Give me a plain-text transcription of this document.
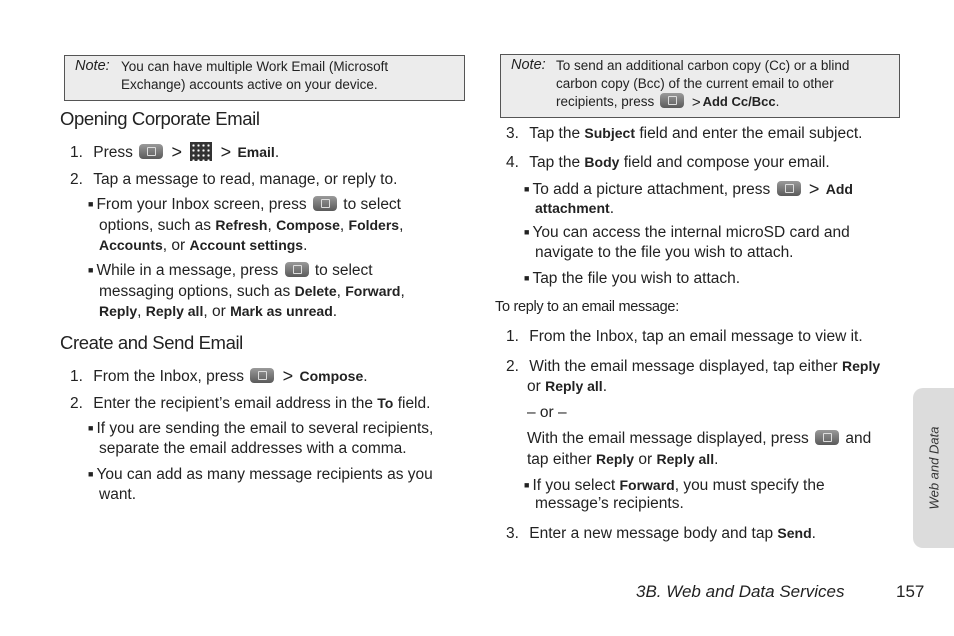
Note: You can have multiple Work Email (Microsoft
Exchange) accounts active on your device.
Opening Corporate Email
1. Press > > Email.
2. Tap a message to read, manage, or reply to.
■ From your Inbox screen, press to select
options, such as Refresh, Compose, Folders,
Accounts, or Account settings.
■ While in a message, press to select
messaging options, such as Delete, Forward,
Reply, Reply all, or Mark as unread.
Create and Send Email
1. From the Inbox, press > Compose.
2. Enter the recipient’s email address in the To field.
■ If you are sending the email to several recipients,
separate the email addresses with a comma.
■ You can add as many message recipients as you
want.
Note: To send an additional carbon copy (Cc) or a blind
carbon copy (Bcc) of the current email to other
recipients, press	> Add Cc/Bcc.
3. Tap the Subject field and enter the email subject.
4. Tap the Body field and compose your email.
■ To add a picture attachment, press > Add
attachment.
■ You can access the internal microSD card and
navigate to the file you wish to attach.
■ Tap the file you wish to attach.
To reply to an email message:
1. From the Inbox, tap an email message to view it.
2. With the email message displayed, tap either Reply
or Reply all.
– or –
With the email message displayed, press and
tap either Reply or Reply all.
■ If you select Forward, you must specify the
message’s recipients.
3. Enter a new message body and tap Send.
Web and Data
3B. Web and Data Services	157
